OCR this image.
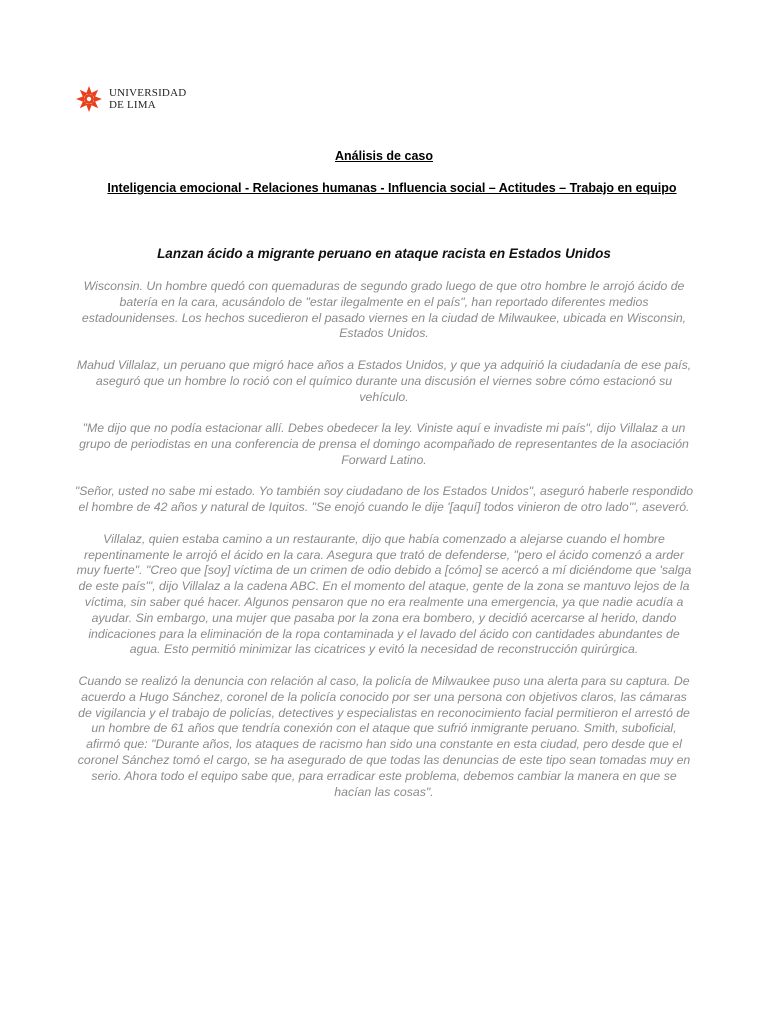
UNIVERSIDAD
DE LIMA
Análisis de caso
Inteligencia emocional - Relaciones humanas - Influencia social – Actitudes – Trabajo en equipo
Lanzan ácido a migrante peruano en ataque racista en Estados Unidos

Wisconsin. Un hombre quedó con quemaduras de segundo grado luego de que otro hombre le arrojó ácido de batería en la cara, acusándolo de "estar ilegalmente en el país", han reportado diferentes medios estadounidenses. Los hechos sucedieron el pasado viernes en la ciudad de Milwaukee, ubicada en Wisconsin, Estados Unidos.

Mahud Villalaz, un peruano que migró hace años a Estados Unidos, y que ya adquirió la ciudadanía de ese país, aseguró que un hombre lo roció con el químico durante una discusión el viernes sobre cómo estacionó su vehículo.

"Me dijo que no podía estacionar allí. Debes obedecer la ley. Viniste aquí e invadiste mi país", dijo Villalaz a un grupo de periodistas en una conferencia de prensa el domingo acompañado de representantes de la asociación Forward Latino.

"Señor, usted no sabe mi estado. Yo también soy ciudadano de los Estados Unidos", aseguró haberle respondido el hombre de 42 años y natural de Iquitos. "Se enojó cuando le dije '[aquí] todos vinieron de otro lado'", aseveró.

Villalaz, quien estaba camino a un restaurante, dijo que había comenzado a alejarse cuando el hombre repentinamente le arrojó el ácido en la cara. Asegura que trató de defenderse, "pero el ácido comenzó a arder muy fuerte". "Creo que [soy] víctima de un crimen de odio debido a [cómo] se acercó a mí diciéndome que 'salga de este país'", dijo Villalaz a la cadena ABC. En el momento del ataque, gente de la zona se mantuvo lejos de la víctima, sin saber qué hacer. Algunos pensaron que no era realmente una emergencia, ya que nadie acudía a ayudar. Sin embargo, una mujer que pasaba por la zona era bombero, y decidió acercarse al herido, dando indicaciones para la eliminación de la ropa contaminada y el lavado del ácido con cantidades abundantes de agua. Esto permitió minimizar las cicatrices y evitó la necesidad de reconstrucción quirúrgica.

Cuando se realizó la denuncia con relación al caso, la policía de Milwaukee puso una alerta para su captura. De acuerdo a Hugo Sánchez, coronel de la policía conocido por ser una persona con objetivos claros, las cámaras de vigilancia y el trabajo de policías, detectives y especialistas en reconocimiento facial permitieron el arrestó de un hombre de 61 años que tendría conexión con el ataque que sufrió inmigrante peruano. Smith, suboficial, afirmó que: "Durante años, los ataques de racismo han sido una constante en esta ciudad, pero desde que el coronel Sánchez tomó el cargo, se ha asegurado de que todas las denuncias de este tipo sean tomadas muy en serio. Ahora todo el equipo sabe que, para erradicar este problema, debemos cambiar la manera en que se hacían las cosas".
